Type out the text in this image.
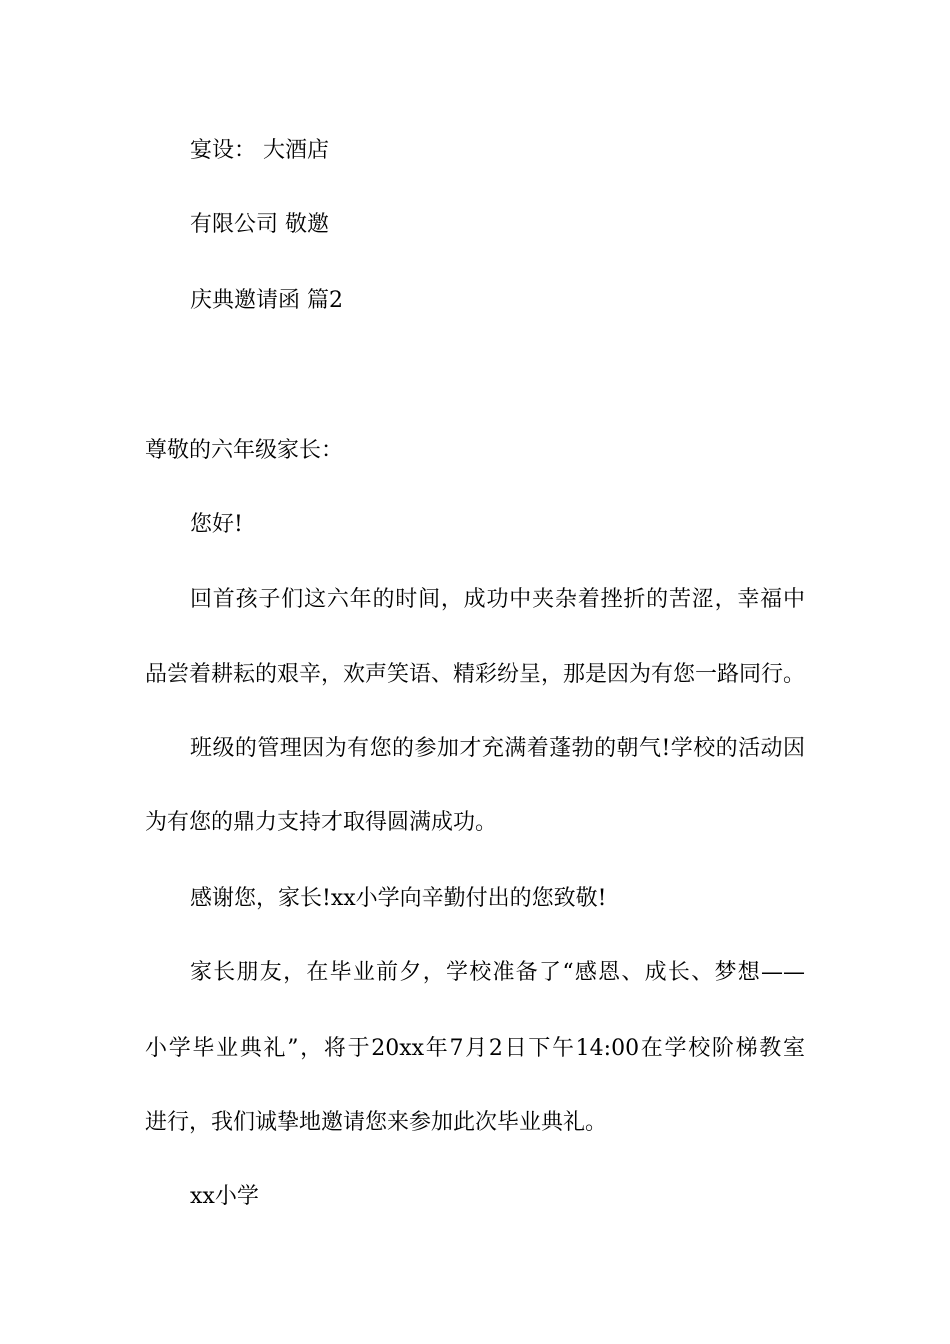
宴设： 大酒店
有限公司 敬邀
庆典邀请函 篇2
尊敬的六年级家长：
您好!
回首孩子们这六年的时间，成功中夹杂着挫折的苦涩，幸福中
品尝着耕耘的艰辛，欢声笑语、精彩纷呈，那是因为有您一路同行。
班级的管理因为有您的参加才充满着蓬勃的朝气!学校的活动因
为有您的鼎力支持才取得圆满成功。
感谢您，家长!xx小学向辛勤付出的您致敬!
家长朋友，在毕业前夕，学校准备了“感恩、成长、梦想——
小学毕业典礼”，将于20xx年7月2日下午14:00在学校阶梯教室
进行，我们诚挚地邀请您来参加此次毕业典礼。
xx小学
